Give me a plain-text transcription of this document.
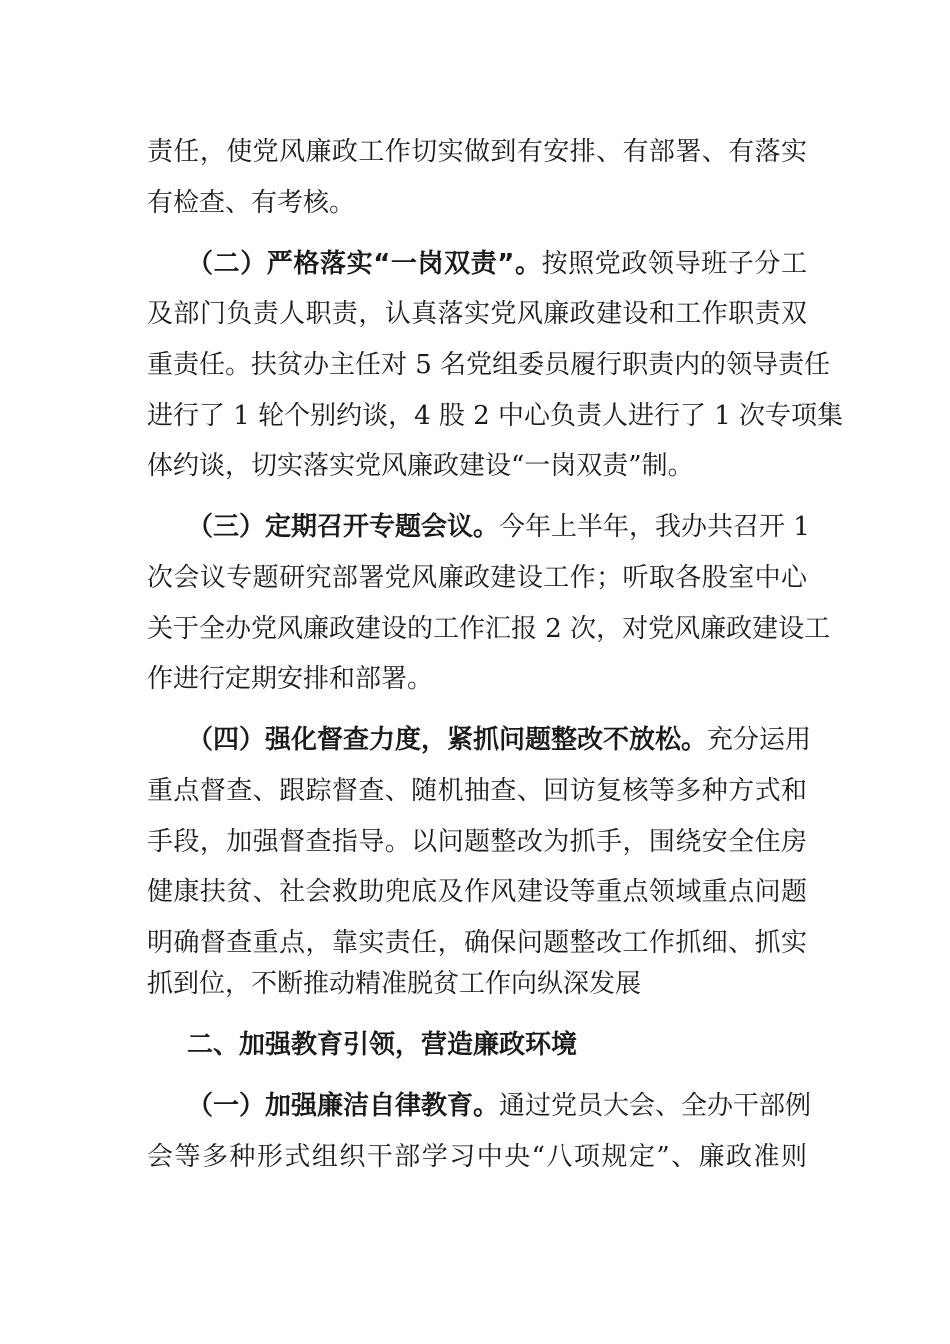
责任，使党风廉政工作切实做到有安排、有部署、有落实
有检查、有考核。
（二）严格落实“一岗双责”。按照党政领导班子分工
及部门负责人职责，认真落实党风廉政建设和工作职责双
重责任。扶贫办主任对 5 名党组委员履行职责内的领导责任
进行了 1 轮个别约谈，4 股 2 中心负责人进行了 1 次专项集
体约谈，切实落实党风廉政建设“一岗双责”制。
（三）定期召开专题会议。今年上半年，我办共召开 1
次会议专题研究部署党风廉政建设工作；听取各股室中心
关于全办党风廉政建设的工作汇报 2 次，对党风廉政建设工
作进行定期安排和部署。
（四）强化督查力度，紧抓问题整改不放松。充分运用
重点督查、跟踪督查、随机抽查、回访复核等多种方式和
手段，加强督查指导。以问题整改为抓手，围绕安全住房
健康扶贫、社会救助兜底及作风建设等重点领域重点问题
明确督查重点，靠实责任，确保问题整改工作抓细、抓实
抓到位，不断推动精准脱贫工作向纵深发展
二、加强教育引领，营造廉政环境
（一）加强廉洁自律教育。通过党员大会、全办干部例
会等多种形式组织干部学习中央“八项规定”、廉政准则
